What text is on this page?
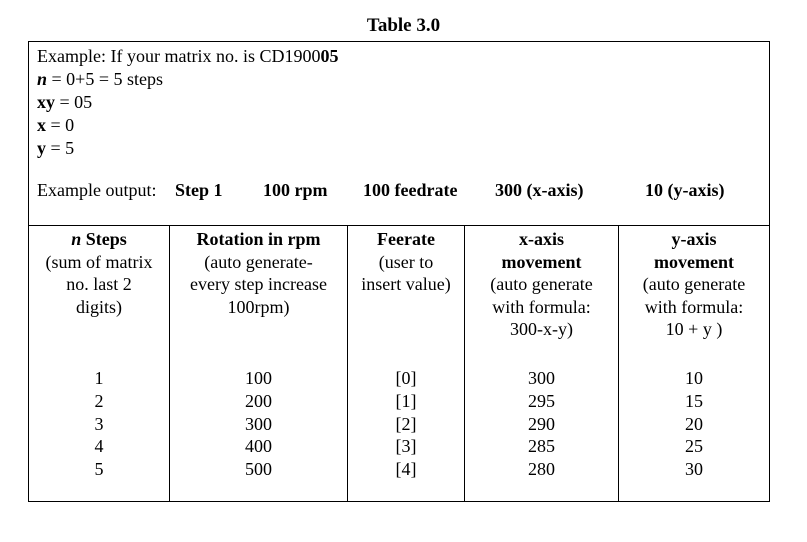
Table 3.0
Example: If your matrix no. is CD190005
n = 0+5 = 5 steps
xy = 05
x = 0
y = 5
Example output: Step 1 100 rpm 100 feedrate 300 (x-axis)	10 (y-axis)
n Steps
(sum of matrix
no. last 2
digits)
1
2
3
4
5
Rotation in rpm
(auto generate-
every step increase
100rpm)
100
200
300
400
500
Feerate
(user to
insert value)
[0]
[1]
[2]
[3]
[4]
x-axis
movement
(auto generate
with formula:
300-x-y)
300
295
290
285
280
y-axis
movement
(auto generate
with formula:
10 + y )
10
15
20
25
30
